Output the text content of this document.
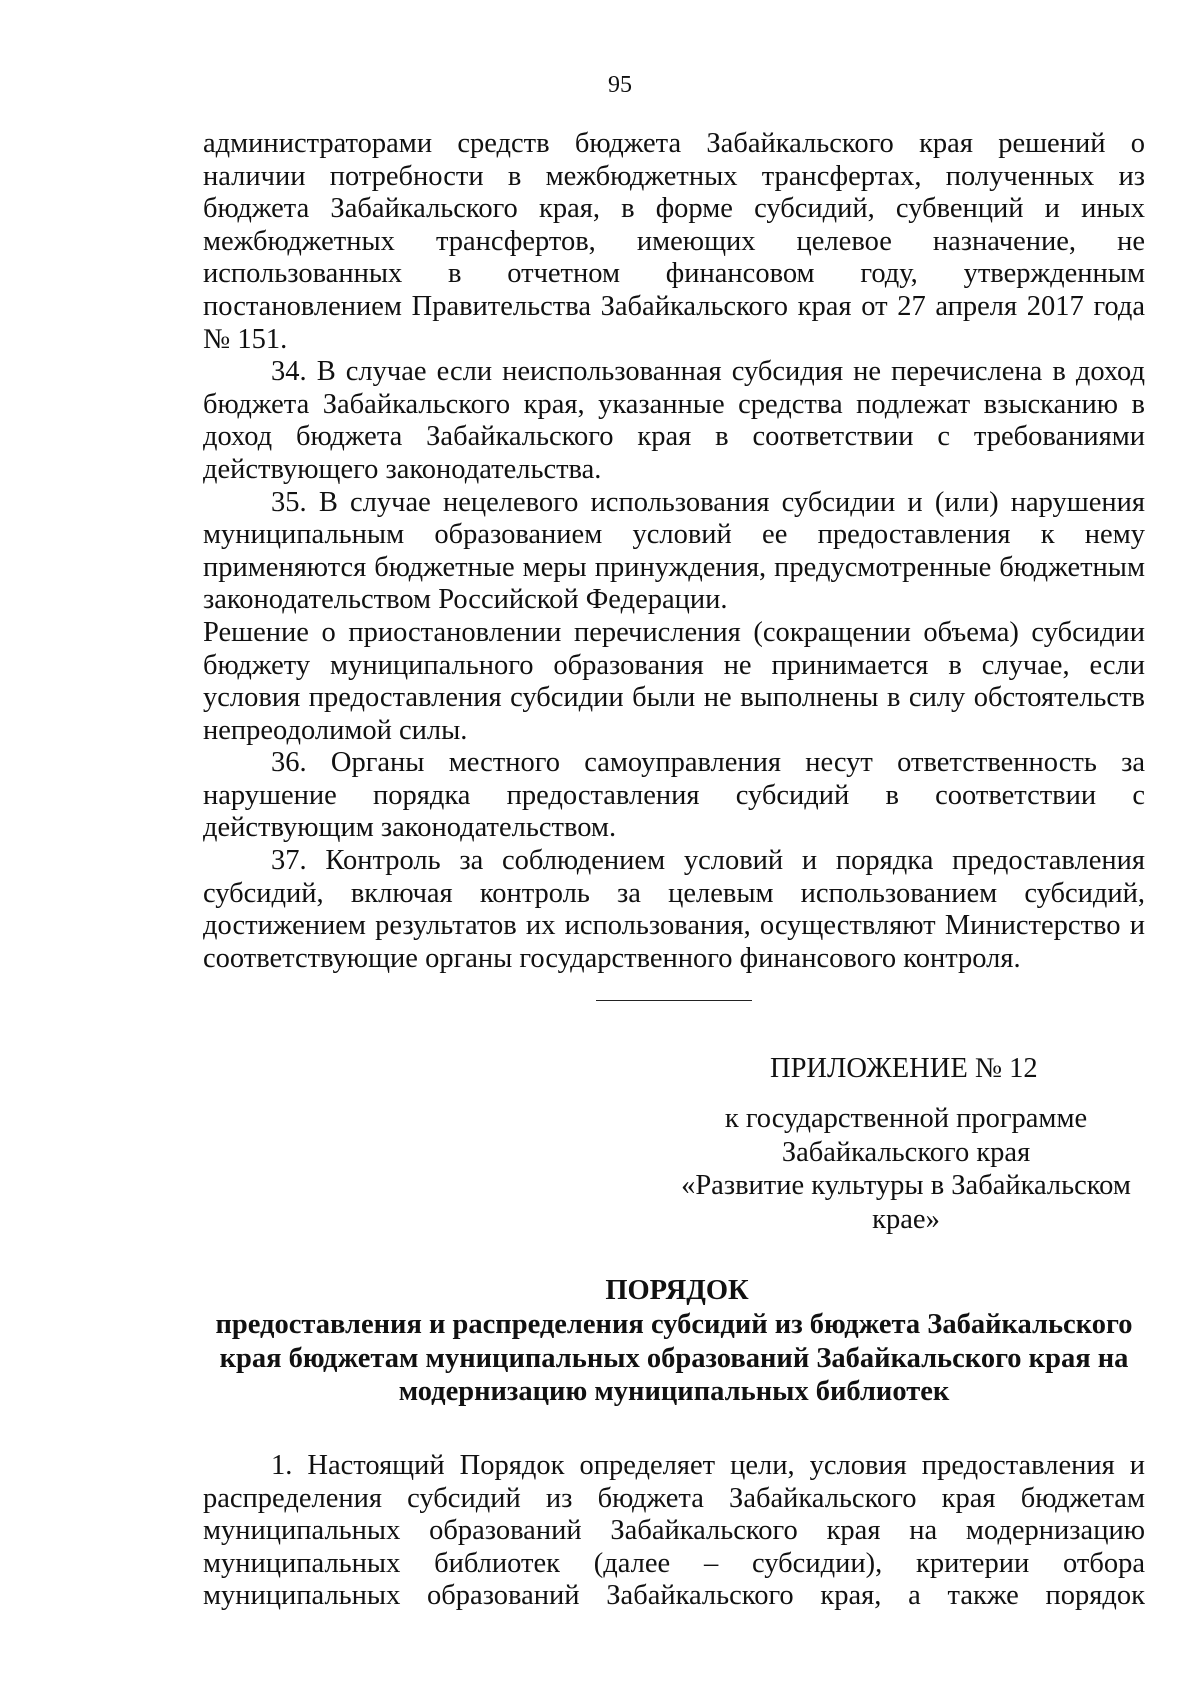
95

администраторами средств бюджета Забайкальского края решений о наличии потребности в межбюджетных трансфертах, полученных из бюджета Забайкальского края, в форме субсидий, субвенций и иных межбюджетных трансфертов, имеющих целевое назначение, не использованных в отчетном финансовом году, утвержденным постановлением Правительства Забайкальского края от 27 апреля 2017 года № 151.

34. В случае если неиспользованная субсидия не перечислена в доход бюджета Забайкальского края, указанные средства подлежат взысканию в доход бюджета Забайкальского края в соответствии с требованиями действующего законодательства.

35. В случае нецелевого использования субсидии и (или) нарушения муниципальным образованием условий ее предоставления к нему применяются бюджетные меры принуждения, предусмотренные бюджетным законодательством Российской Федерации.

Решение о приостановлении перечисления (сокращении объема) субсидии бюджету муниципального образования не принимается в случае, если условия предоставления субсидии были не выполнены в силу обстоятельств непреодолимой силы.

36. Органы местного самоуправления несут ответственность за нарушение порядка предоставления субсидий в соответствии с действующим законодательством.

37. Контроль за соблюдением условий и порядка предоставления субсидий, включая контроль за целевым использованием субсидий, достижением результатов их использования, осуществляют Министерство и соответствующие органы государственного финансового контроля.

ПРИЛОЖЕНИЕ № 12
к государственной программе
Забайкальского края
«Развитие культуры в Забайкальском
крае»
ПОРЯДОК
предоставления и распределения субсидий из бюджета Забайкальского
края бюджетам муниципальных образований Забайкальского края на
модернизацию муниципальных библиотек

1. Настоящий Порядок определяет цели, условия предоставления и распределения субсидий из бюджета Забайкальского края бюджетам муниципальных образований Забайкальского края на модернизацию муниципальных библиотек (далее – субсидии), критерии отбора муниципальных образований Забайкальского края, а также порядок
